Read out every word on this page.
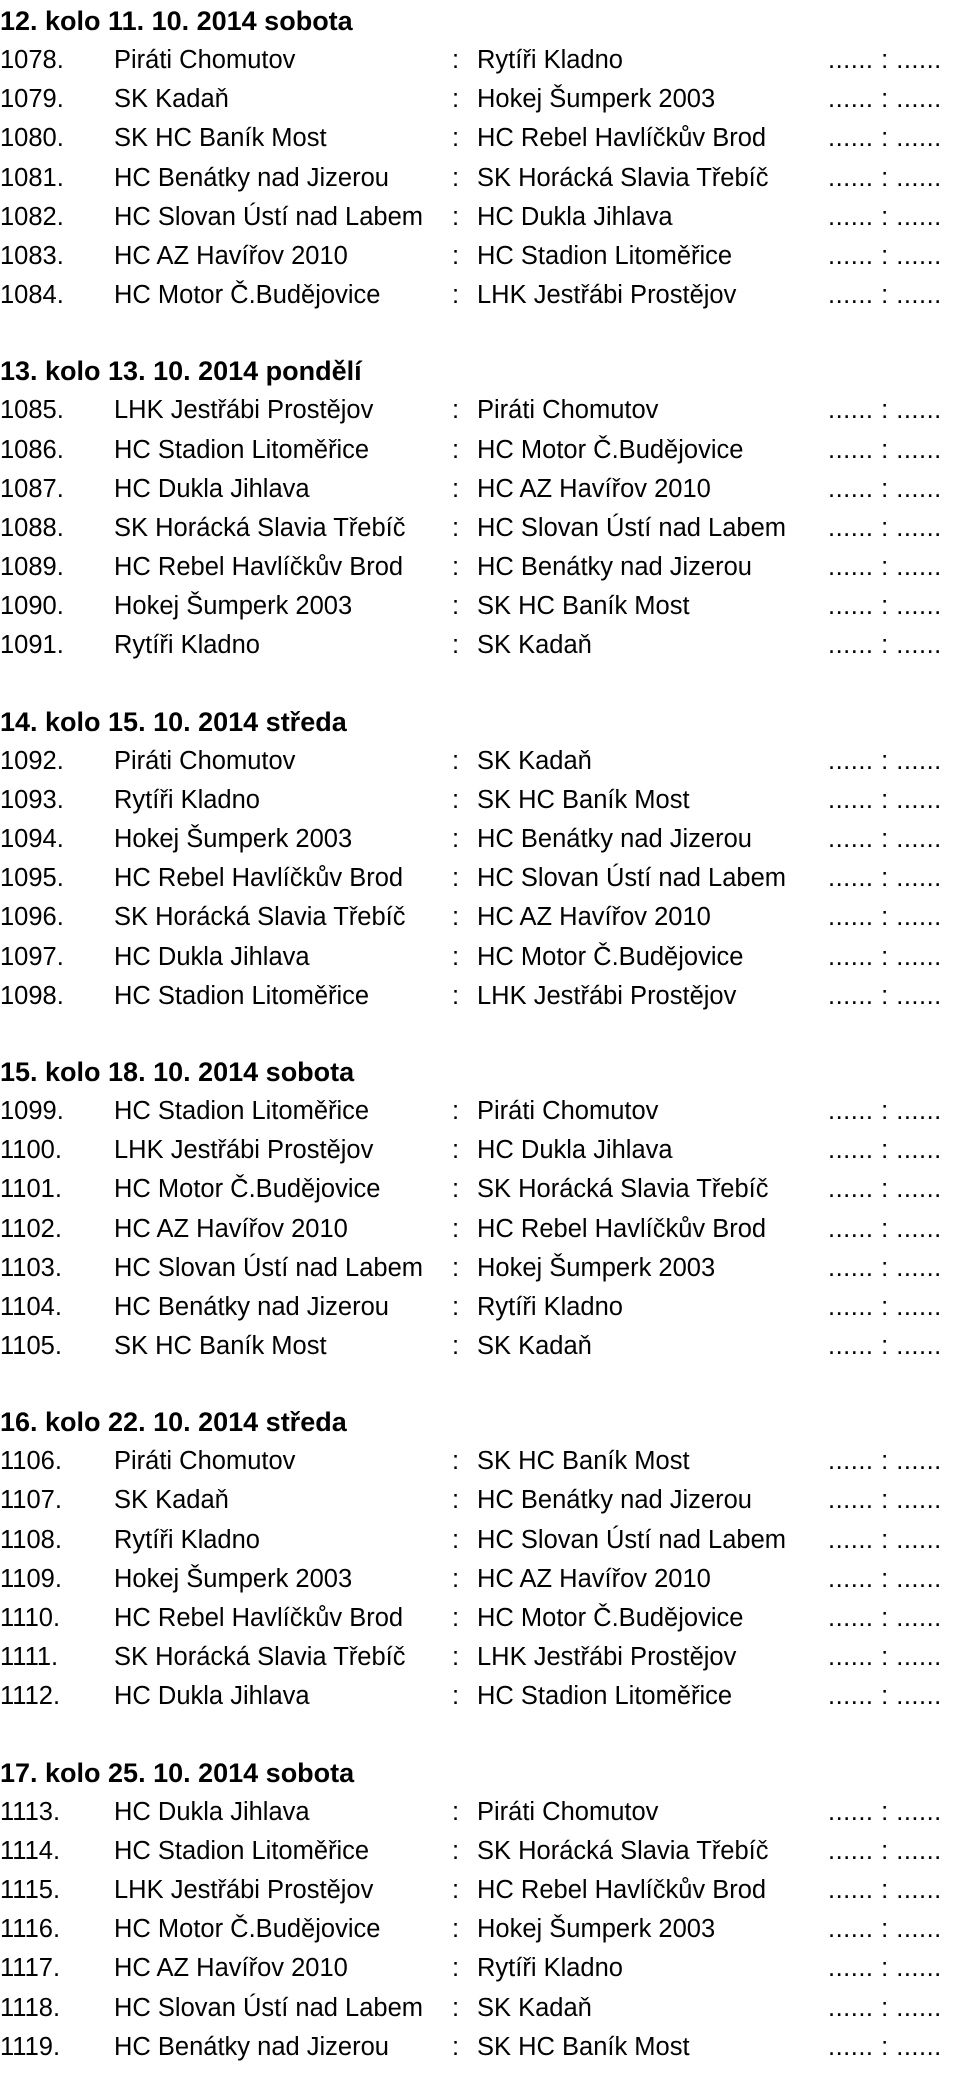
12. kolo 11. 10. 2014 sobota
1078. Piráti Chomutov	: Rytíři Kladno	...... : ......
1079. SK Kadaň	: Hokej Šumperk 2003	...... : ......
1080. SK HC Baník Most	: HC Rebel Havlíčkův Brod ...... : ......
1081. HC Benátky nad Jizerou : SK Horácká Slavia Třebíč ...... : ......
1082. HC Slovan Ústí nad Labem : HC Dukla Jihlava	...... : ......
1083. HC AZ Havířov 2010	: HC Stadion Litoměřice	...... : ......
1084. HC Motor Č.Budějovice	: LHK Jestřábi Prostějov	...... : ......
13. kolo 13. 10. 2014 pondělí
1085. LHK Jestřábi Prostějov	: Piráti Chomutov	...... : ......
1086. HC Stadion Litoměřice	: HC Motor Č.Budějovice	...... : ......
1087. HC Dukla Jihlava	: HC AZ Havířov 2010	...... : ......
1088. SK Horácká Slavia Třebíč : HC Slovan Ústí nad Labem ...... : ......
1089. HC Rebel Havlíčkův Brod : HC Benátky nad Jizerou	...... : ......
1090. Hokej Šumperk 2003	: SK HC Baník Most	...... : ......
1091. Rytíři Kladno	: SK Kadaň	...... : ......
14. kolo 15. 10. 2014 středa
1092. Piráti Chomutov	: SK Kadaň	...... : ......
1093. Rytíři Kladno	: SK HC Baník Most	...... : ......
1094. Hokej Šumperk 2003	: HC Benátky nad Jizerou	...... : ......
1095. HC Rebel Havlíčkův Brod : HC Slovan Ústí nad Labem ...... : ......
1096. SK Horácká Slavia Třebíč : HC AZ Havířov 2010	...... : ......
1097. HC Dukla Jihlava	: HC Motor Č.Budějovice	...... : ......
1098. HC Stadion Litoměřice	: LHK Jestřábi Prostějov	...... : ......
15. kolo 18. 10. 2014 sobota
1099. HC Stadion Litoměřice	: Piráti Chomutov	...... : ......
1100. LHK Jestřábi Prostějov	: HC Dukla Jihlava	...... : ......
1101. HC Motor Č.Budějovice	: SK Horácká Slavia Třebíč ...... : ......
1102. HC AZ Havířov 2010	: HC Rebel Havlíčkův Brod ...... : ......
1103. HC Slovan Ústí nad Labem : Hokej Šumperk 2003	...... : ......
1104. HC Benátky nad Jizerou : Rytíři Kladno	...... : ......
1105. SK HC Baník Most	: SK Kadaň	...... : ......
16. kolo 22. 10. 2014 středa
1106. Piráti Chomutov	: SK HC Baník Most	...... : ......
1107. SK Kadaň	: HC Benátky nad Jizerou	...... : ......
1108. Rytíři Kladno	: HC Slovan Ústí nad Labem ...... : ......
1109. Hokej Šumperk 2003	: HC AZ Havířov 2010	...... : ......
1110. HC Rebel Havlíčkův Brod : HC Motor Č.Budějovice	...... : ......
1111. SK Horácká Slavia Třebíč : LHK Jestřábi Prostějov	...... : ......
1112. HC Dukla Jihlava	: HC Stadion Litoměřice	...... : ......
17. kolo 25. 10. 2014 sobota
1113. HC Dukla Jihlava	: Piráti Chomutov	...... : ......
1114. HC Stadion Litoměřice	: SK Horácká Slavia Třebíč ...... : ......
1115. LHK Jestřábi Prostějov	: HC Rebel Havlíčkův Brod ...... : ......
1116. HC Motor Č.Budějovice	: Hokej Šumperk 2003	...... : ......
1117. HC AZ Havířov 2010	: Rytíři Kladno	...... : ......
1118. HC Slovan Ústí nad Labem : SK Kadaň	...... : ......
1119. HC Benátky nad Jizerou : SK HC Baník Most	...... : ......
